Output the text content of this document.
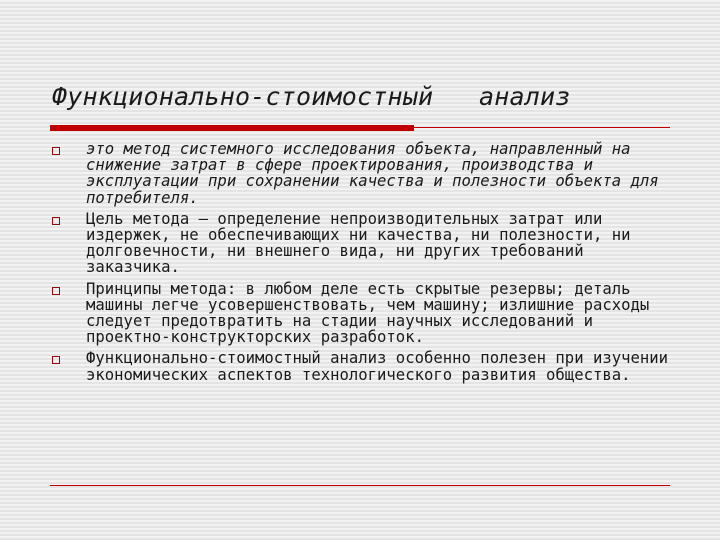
Функционально-стоимостный   анализ
это метод системного исследования объекта, направленный на снижение затрат в сфере проектирования, производства и эксплуатации при сохранении качества и полезности объекта для потребителя.
Цель метода — определение непроизводительных затрат или издержек, не обеспечивающих ни качества, ни полезности, ни долговечности, ни внешнего вида, ни других требований заказчика.
Принципы метода: в любом деле есть скрытые резервы; деталь машины легче усовершенствовать, чем машину; излишние расходы следует предотвратить на стадии научных исследований и проектно-конструкторских разработок.
Функционально-стоимостный анализ особенно полезен при изучении экономических аспектов технологического развития общества.
